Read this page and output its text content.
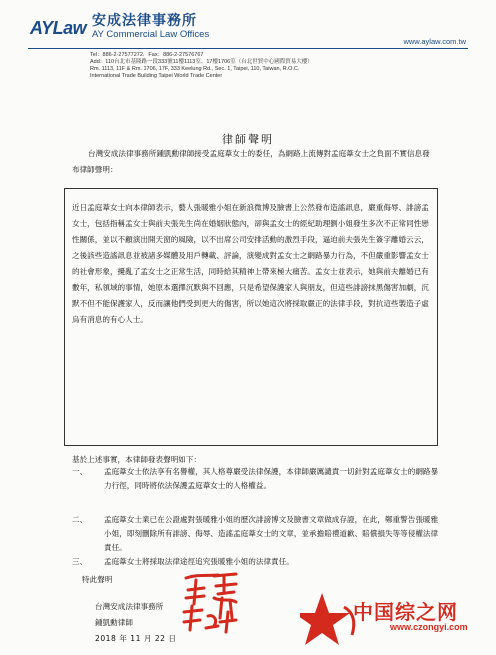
AYLaw 安成法律事務所
AY Commercial Law Offices
www.aylaw.com.tw
Tel：886-2-27577272．Fax：886-2-27576767
Add：110台北市基隆路一段333號11樓1113室、17樓1706室（台北世貿中心國際貿易大樓）
Rm. 1113, 11F & Rm. 1706, 17F, 333 Keelung Rd., Sec. 1, Taipei, 110, Taiwan, R.O.C.
International Trade Building Taipei World Trade Center
律師聲明
台灣安成法律事務所鍾凱勳律師接受孟庭葦女士的委任，為網路上流傳對孟庭葦女士之負面不實信息發布律師聲明：
近日孟庭葦女士向本律師表示，藝人張暖雅小姐在新浪微博及臉書上公然發布造謠訊息，嚴重侮辱、誹謗孟女士，包括指稱孟女士與前夫張先生尚在婚姻狀態內，卻與孟女士的經紀助理劉小姐發生多次不正常同性戀性關係，並以不顧演出開天窗的風險，以不出席公司安排活動的激烈手段，逼迫前夫張先生簽字離婚云云，之後該些造謠訊息並被諸多媒體及用戶轉載、評論，演變成對孟女士之網路暴力行為，不但嚴重影響孟女士的社會形象，擾亂了孟女士之正常生活，同時給其精神上帶來極大痛苦。孟女士並表示，她與前夫離婚已有數年，私領域的事情，她原本選擇沉默與不回應，只是希望保護家人與朋友，但這些誹謗抹黑傷害加劇，沉默不但不能保護家人，反而讓他們受到更大的傷害，所以她這次將採取嚴正的法律手段，對抗這些製造子虛烏有消息的有心人士。
基於上述事實，本律師發表聲明如下：
一、	孟庭葦女士依法享有名譽權，其人格尊嚴受法律保護，本律師嚴厲譴責一切針對孟庭葦女士的網路暴力行徑，同時將依法保護孟庭葦女士的人格權益。
二、	孟庭葦女士業已在公證處對張暖雅小姐的歷次誹謗博文及臉書文章做成存證，在此，鄭重警告張暖雅小姐，即刻刪除所有誹謗、侮辱、造謠孟庭葦女士的文章，並承擔賠禮道歉、賠償損失等等侵權法律責任。
三、	孟庭葦女士將採取法律途徑追究張暖雅小姐的法律責任。
特此聲明
台灣安成法律事務所
鍾凱勳律師
2018 年 11 月 22 日
中国综之网
www.czongyi.com
